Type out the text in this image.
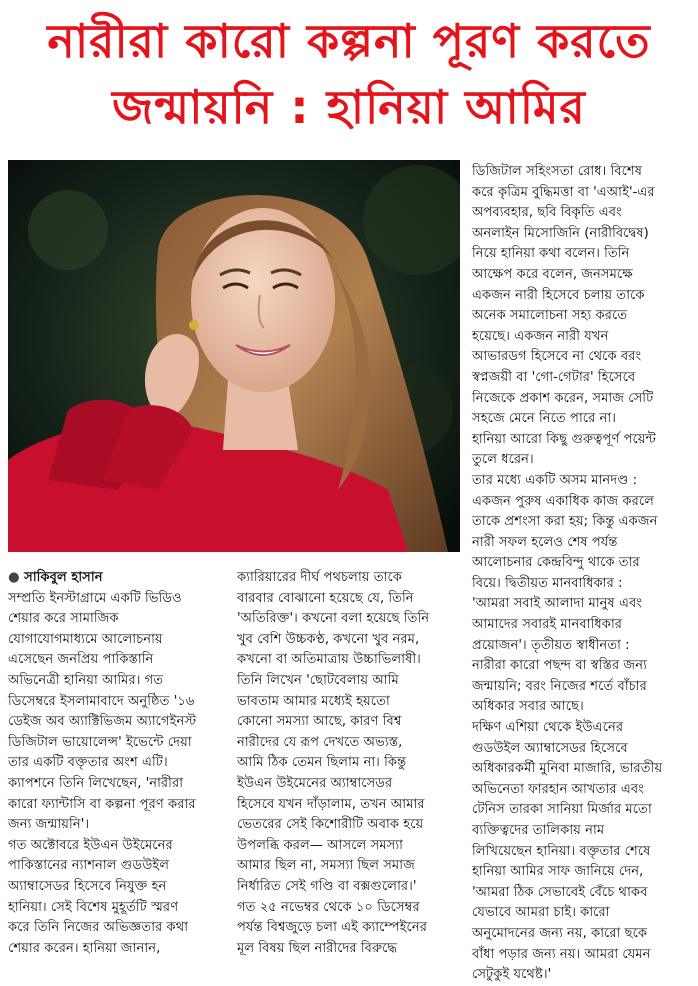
নারীরা কারো কল্পনা পূরণ করতে
জন্মায়নি : হানিয়া আমির

● সাকিবুল হাসান

সম্প্রতি ইনস্টাগ্রামে একটি ভিডিও

শেয়ার করে সামাজিক

যোগাযোগমাধ্যমে আলোচনায়

এসেছেন জনপ্রিয় পাকিস্তানি

অভিনেত্রী হানিয়া আমির। গত

ডিসেম্বরে ইসলামাবাদে অনুষ্ঠিত '১৬

ডেইজ অব অ্যাক্টিভিজম অ্যাগেইনস্ট

ডিজিটাল ভায়োলেন্স' ইভেন্টে দেয়া

তার একটি বক্তৃতার অংশ এটি।

ক্যাপশনে তিনি লিখেছেন, 'নারীরা

কারো ফ্যান্টাসি বা কল্পনা পূরণ করার

জন্য জন্মায়নি'।

গত অক্টোবরে ইউএন উইমেনের

পাকিস্তানের ন্যাশনাল গুডউইল

অ্যাম্বাসেডর হিসেবে নিযুক্ত হন

হানিয়া। সেই বিশেষ মুহূর্তটি স্মরণ

করে তিনি নিজের অভিজ্ঞতার কথা

শেয়ার করেন। হানিয়া জানান,

ক্যারিয়ারের দীর্ঘ পথচলায় তাকে

বারবার বোঝানো হয়েছে যে, তিনি

'অতিরিক্ত'। কখনো বলা হয়েছে তিনি

খুব বেশি উচ্চকণ্ঠ, কখনো খুব নরম,

কখনো বা অতিমাত্রায় উচ্চাভিলাষী।

তিনি লিখেন 'ছোটবেলায় আমি

ভাবতাম আমার মধ্যেই হয়তো

কোনো সমস্যা আছে, কারণ বিশ্ব

নারীদের যে রূপ দেখতে অভ্যস্ত,

আমি ঠিক তেমন ছিলাম না। কিন্তু

ইউএন উইমেনের অ্যাম্বাসেডর

হিসেবে যখন দাঁড়ালাম, তখন আমার

ভেতরের সেই কিশোরীটি অবাক হয়ে

উপলব্ধি করল— আসলে সমস্যা

আমার ছিল না, সমস্যা ছিল সমাজ

নির্ধারিত সেই গণ্ডি বা বক্সগুলোর।'

গত ২৫ নভেম্বর থেকে ১০ ডিসেম্বর

পর্যন্ত বিশ্বজুড়ে চলা এই ক্যাম্পেইনের

মূল বিষয় ছিল নারীদের বিরুদ্ধে

ডিজিটাল সহিংসতা রোধ। বিশেষ

করে কৃত্রিম বুদ্ধিমত্তা বা 'এআই'-এর

অপব্যবহার, ছবি বিকৃতি এবং

অনলাইন মিসোজিনি (নারীবিদ্বেষ)

নিয়ে হানিয়া কথা বলেন। তিনি

আক্ষেপ করে বলেন, জনসমক্ষে

একজন নারী হিসেবে চলায় তাকে

অনেক সমালোচনা সহ্য করতে

হয়েছে। একজন নারী যখন

আভারডগ হিসেবে না থেকে বরং

স্বপ্নজয়ী বা 'গো-গেটার' হিসেবে

নিজেকে প্রকাশ করেন, সমাজ সেটি

সহজে মেনে নিতে পারে না।

হানিয়া আরো কিছু গুরুত্বপূর্ণ পয়েন্ট

তুলে ধরেন।

তার মধ্যে একটি অসম মানদণ্ড :

একজন পুরুষ একাধিক কাজ করলে

তাকে প্রশংসা করা হয়; কিন্তু একজন

নারী সফল হলেও শেষ পর্যন্ত

আলোচনার কেন্দ্রবিন্দু থাকে তার

বিয়ে। দ্বিতীয়ত মানবাধিকার :

'আমরা সবাই আলাদা মানুষ এবং

আমাদের সবারই মানবাধিকার

প্রয়োজন'। তৃতীয়ত স্বাধীনতা :

নারীরা কারো পছন্দ বা স্বস্তির জন্য

জন্মায়নি; বরং নিজের শর্তে বাঁচার

অধিকার সবার আছে।

দক্ষিণ এশিয়া থেকে ইউএনের

গুডউইল অ্যাম্বাসেডর হিসেবে

অধিকারকর্মী মুনিবা মাজারি, ভারতীয়

অভিনেতা ফারহান আখতার এবং

টেনিস তারকা সানিয়া মির্জার মতো

ব্যক্তিত্বদের তালিকায় নাম

লিখিয়েছেন হানিয়া। বক্তৃতার শেষে

হানিয়া আমির সাফ জানিয়ে দেন,

'আমরা ঠিক সেভাবেই বেঁচে থাকব

যেভাবে আমরা চাই। কারো

অনুমোদনের জন্য নয়, কারো ছকে

বাঁধা পড়ার জন্য নয়। আমরা যেমন

সেটুকুই যথেষ্ট।'
